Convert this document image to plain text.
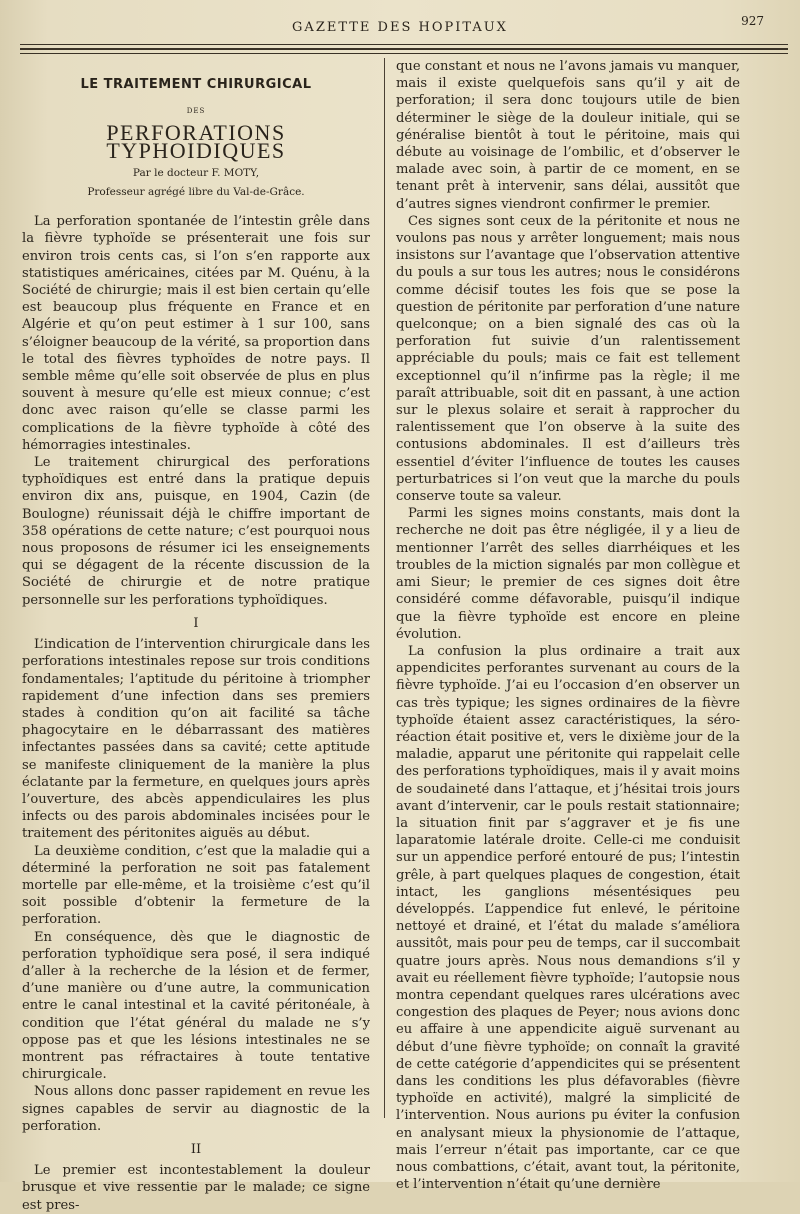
GAZETTE DES HOPITAUX	927
LE TRAITEMENT CHIRURGICAL
DES
PERFORATIONS TYPHOIDIQUES
Par le docteur F. MOTY,
Professeur agrégé libre du Val-de-Grâce.

La perforation spontanée de l’intestin grêle dans la fièvre typhoïde se présenterait une fois sur environ trois cents cas, si l’on s’en rapporte aux statistiques américaines, citées par M. Quénu, à la Société de chirurgie; mais il est bien certain qu’elle est beaucoup plus fréquente en France et en Algérie et qu’on peut estimer à 1 sur 100, sans s’éloigner beaucoup de la vérité, sa proportion dans le total des fièvres typhoïdes de notre pays. Il semble même qu’elle soit observée de plus en plus souvent à mesure qu’elle est mieux connue; c’est donc avec raison qu’elle se classe parmi les complications de la fièvre typhoïde à côté des hémorragies intestinales.

Le traitement chirurgical des perforations typhoïdiques est entré dans la pratique depuis environ dix ans, puisque, en 1904, Cazin (de Boulogne) réunissait déjà le chiffre important de 358 opérations de cette nature; c’est pourquoi nous nous proposons de résumer ici les enseignements qui se dégagent de la récente discussion de la Société de chirurgie et de notre pratique personnelle sur les perforations typhoïdiques.

I

L’indication de l’intervention chirurgicale dans les perforations intestinales repose sur trois conditions fondamentales; l’aptitude du péritoine à triompher rapidement d’une infection dans ses premiers stades à condition qu’on ait facilité sa tâche phagocytaire en le débarrassant des matières infectantes passées dans sa cavité; cette aptitude se manifeste cliniquement de la manière la plus éclatante par la fermeture, en quelques jours après l’ouverture, des abcès appendiculaires les plus infects ou des parois abdominales incisées pour le traitement des péritonites aiguës au début.

La deuxième condition, c’est que la maladie qui a déterminé la perforation ne soit pas fatalement mortelle par elle-même, et la troisième c’est qu’il soit possible d’obtenir la fermeture de la perforation.

En conséquence, dès que le diagnostic de perforation typhoïdique sera posé, il sera indiqué d’aller à la recherche de la lésion et de fermer, d’une manière ou d’une autre, la communication entre le canal intestinal et la cavité péritonéale, à condition que l’état général du malade ne s’y oppose pas et que les lésions intestinales ne se montrent pas réfractaires à toute tentative chirurgicale.

Nous allons donc passer rapidement en revue les signes capables de servir au diagnostic de la perforation.

II

Le premier est incontestablement la douleur brusque et vive ressentie par le malade; ce signe est pres-

que constant et nous ne l’avons jamais vu manquer, mais il existe quelquefois sans qu’il y ait de perforation; il sera donc toujours utile de bien déterminer le siège de la douleur initiale, qui se généralise bientôt à tout le péritoine, mais qui débute au voisinage de l’ombilic, et d’observer le malade avec soin, à partir de ce moment, en se tenant prêt à intervenir, sans délai, aussitôt que d’autres signes viendront confirmer le premier.

Ces signes sont ceux de la péritonite et nous ne voulons pas nous y arrêter longuement; mais nous insistons sur l’avantage que l’observation attentive du pouls a sur tous les autres; nous le considérons comme décisif toutes les fois que se pose la question de péritonite par perforation d’une nature quelconque; on a bien signalé des cas où la perforation fut suivie d’un ralentissement appréciable du pouls; mais ce fait est tellement exceptionnel qu’il n’infirme pas la règle; il me paraît attribuable, soit dit en passant, à une action sur le plexus solaire et serait à rapprocher du ralentissement que l’on observe à la suite des contusions abdominales. Il est d’ailleurs très essentiel d’éviter l’influence de toutes les causes perturbatrices si l’on veut que la marche du pouls conserve toute sa valeur.

Parmi les signes moins constants, mais dont la recherche ne doit pas être négligée, il y a lieu de mentionner l’arrêt des selles diarrhéiques et les troubles de la miction signalés par mon collègue et ami Sieur; le premier de ces signes doit être considéré comme défavorable, puisqu’il indique que la fièvre typhoïde est encore en pleine évolution.

La confusion la plus ordinaire a trait aux appendicites perforantes survenant au cours de la fièvre typhoïde. J’ai eu l’occasion d’en observer un cas très typique; les signes ordinaires de la fièvre typhoïde étaient assez caractéristiques, la séro-réaction était positive et, vers le dixième jour de la maladie, apparut une péritonite qui rappelait celle des perforations typhoïdiques, mais il y avait moins de soudaineté dans l’attaque, et j’hésitai trois jours avant d’intervenir, car le pouls restait stationnaire; la situation finit par s’aggraver et je fis une laparatomie latérale droite. Celle-ci me conduisit sur un appendice perforé entouré de pus; l’intestin grêle, à part quelques plaques de congestion, était intact, les ganglions mésentésiques peu développés. L’appendice fut enlevé, le péritoine nettoyé et drainé, et l’état du malade s’améliora aussitôt, mais pour peu de temps, car il succombait quatre jours après. Nous nous demandions s’il y avait eu réellement fièvre typhoïde; l’autopsie nous montra cependant quelques rares ulcérations avec congestion des plaques de Peyer; nous avions donc eu affaire à une appendicite aiguë survenant au début d’une fièvre typhoïde; on connaît la gravité de cette catégorie d’appendicites qui se présentent dans les conditions les plus défavorables (fièvre typhoïde en activité), malgré la simplicité de l’intervention. Nous aurions pu éviter la confusion en analysant mieux la physionomie de l’attaque, mais l’erreur n’était pas importante, car ce que nous combattions, c’était, avant tout, la péritonite, et l’intervention n’était qu’une dernière
